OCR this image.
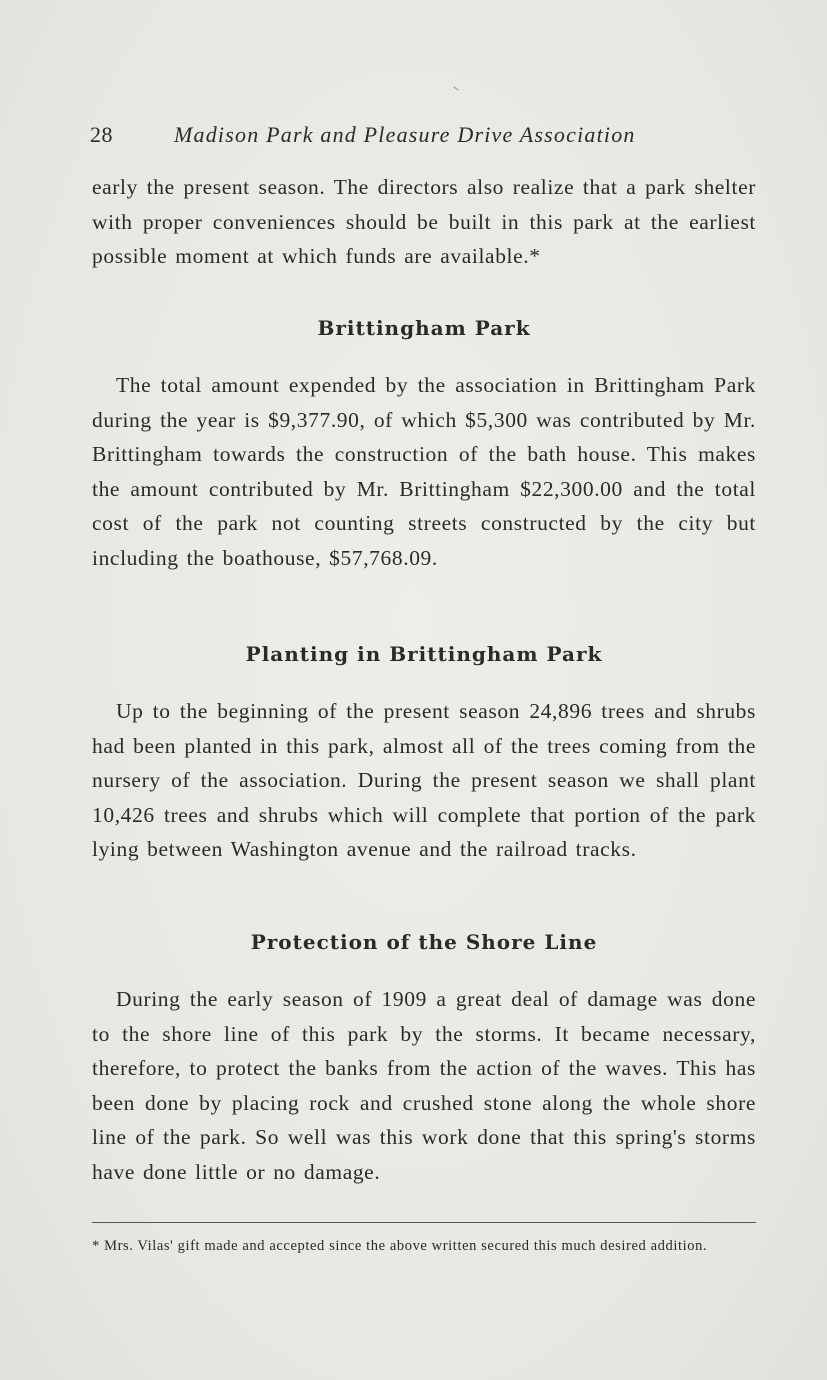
28	Madison Park and Pleasure Drive Association

early the present season. The directors also realize that a park shelter with proper conveniences should be built in this park at the earliest possible moment at which funds are available.*

Brittingham Park

The total amount expended by the association in Brittingham Park during the year is $9,377.90, of which $5,300 was contributed by Mr. Brittingham towards the construction of the bath house. This makes the amount contributed by Mr. Brittingham $22,300.00 and the total cost of the park not counting streets constructed by the city but including the boathouse, $57,768.09.

Planting in Brittingham Park

Up to the beginning of the present season 24,896 trees and shrubs had been planted in this park, almost all of the trees coming from the nursery of the association. During the present season we shall plant 10,426 trees and shrubs which will complete that portion of the park lying between Washington avenue and the railroad tracks.

Protection of the Shore Line

During the early season of 1909 a great deal of damage was done to the shore line of this park by the storms. It became necessary, therefore, to protect the banks from the action of the waves. This has been done by placing rock and crushed stone along the whole shore line of the park. So well was this work done that this spring's storms have done little or no damage.

* Mrs. Vilas' gift made and accepted since the above written secured this much desired addition.
